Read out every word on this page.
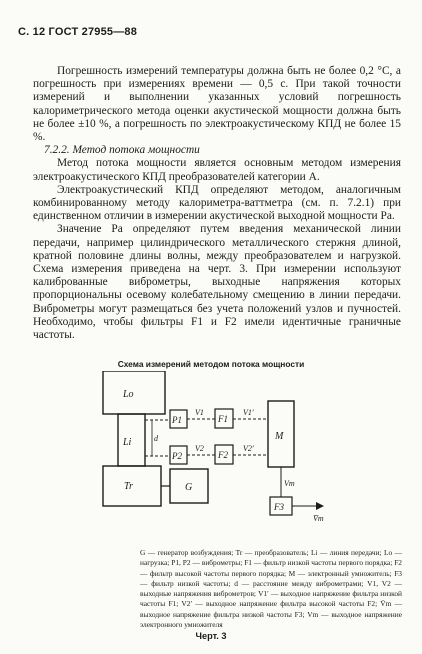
С. 12 ГОСТ 27955—88

Погрешность измерений температуры должна быть не более 0,2 °С, а погрешность при измерениях времени — 0,5 с. При такой точности измерений и выполнении указанных условий погрешность калориметрического метода оценки акустической мощности должна быть не более ±10 %, а погрешность по электроакустическому КПД не более 15 %.

7.2.2. Метод потока мощности

Метод потока мощности является основным методом измерения электроакустического КПД преобразователей категории А.

Электроакустический КПД определяют методом, аналогичным комбинированному методу калориметра-ваттметра (см. п. 7.2.1) при единственном отличии в измерении акустической выходной мощности Pа.

Значение Pа определяют путем введения механической линии передачи, например цилиндрического металлического стержня длиной, кратной половине длины волны, между преобразователем и нагрузкой. Схема измерения приведена на черт. 3. При измерении используют калиброванные виброметры, выходные напряжения которых пропорциональны осевому колебательному смещению в линии передачи. Виброметры могут размещаться без учета положений узлов и пучностей. Необходимо, чтобы фильтры F1 и F2 имели идентичные граничные частоты.

Схема измерений методом потока мощности
Lo
Li
Tr	G
d
P1
P2
V1
V2
F1
F2
V1′
V2′
M
Vm
F3
V̄m
G — генератор возбуждения; Tr — преобразователь; Li — линия передачи; Lo — нагрузка; P1, P2 — виброметры; F1 — фильтр низкой частоты первого порядка; F2 — фильтр высокой частоты первого порядка; M — электронный умножитель; F3 — фильтр низкой частоты; d — расстояние между виброметрами; V1, V2 — выходные напряжения виброметров; V1′ — выходное напряжение фильтра низкой частоты F1; V2′ — выходное напряжение фильтра высокой частоты F2; V̄m — выходное напряжение фильтра низкой частоты F3; Vm — выходное напряжение электронного умножителя
Черт. 3
